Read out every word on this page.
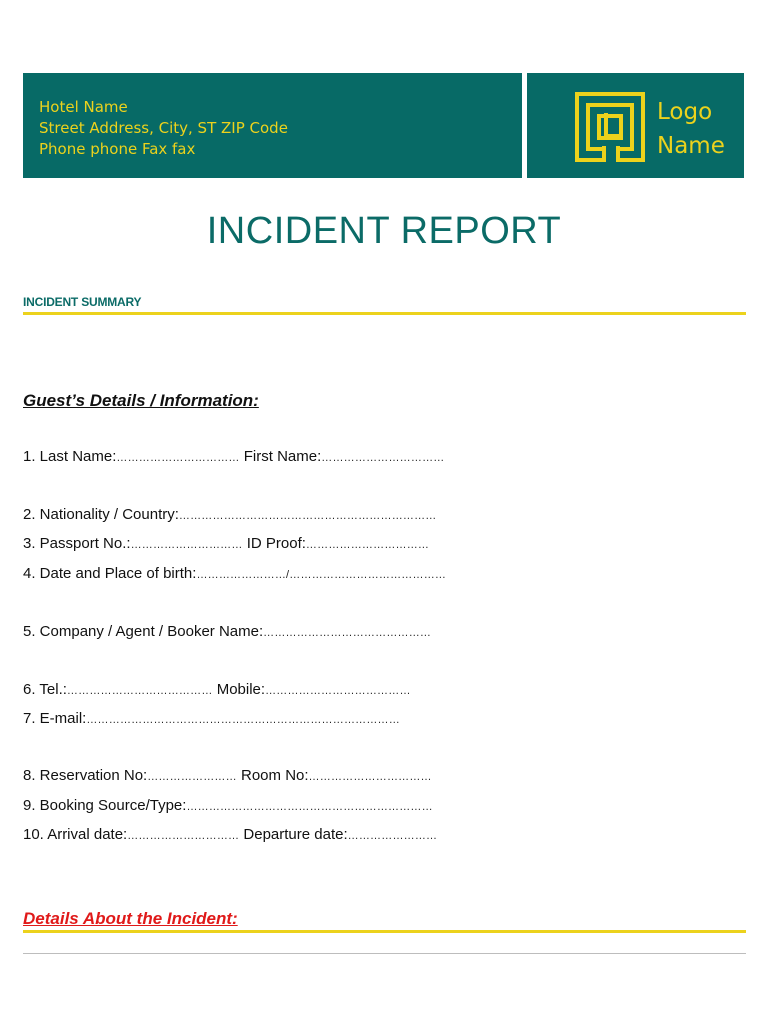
Hotel Name
Street Address, City, ST ZIP Code
Phone phone Fax fax
Logo
Name
INCIDENT REPORT
INCIDENT SUMMARY
Guest’s Details / Information:
1. Last Name:…………………………… First Name:……………………………
2. Nationality / Country:……………………………………………………………
3. Passport No.:………………………… ID Proof:……………………………
4. Date and Place of birth:……………………/……………………………………
5. Company / Agent / Booker Name:………………………………………
6. Tel.:………………………………… Mobile:…………………………………
7. E-mail:…………………………………………………………………………
8. Reservation No:…………………… Room No:……………………………
9. Booking Source/Type:…………………………………………………………
10. Arrival date:………………………… Departure date:……………………
Details About the Incident:
